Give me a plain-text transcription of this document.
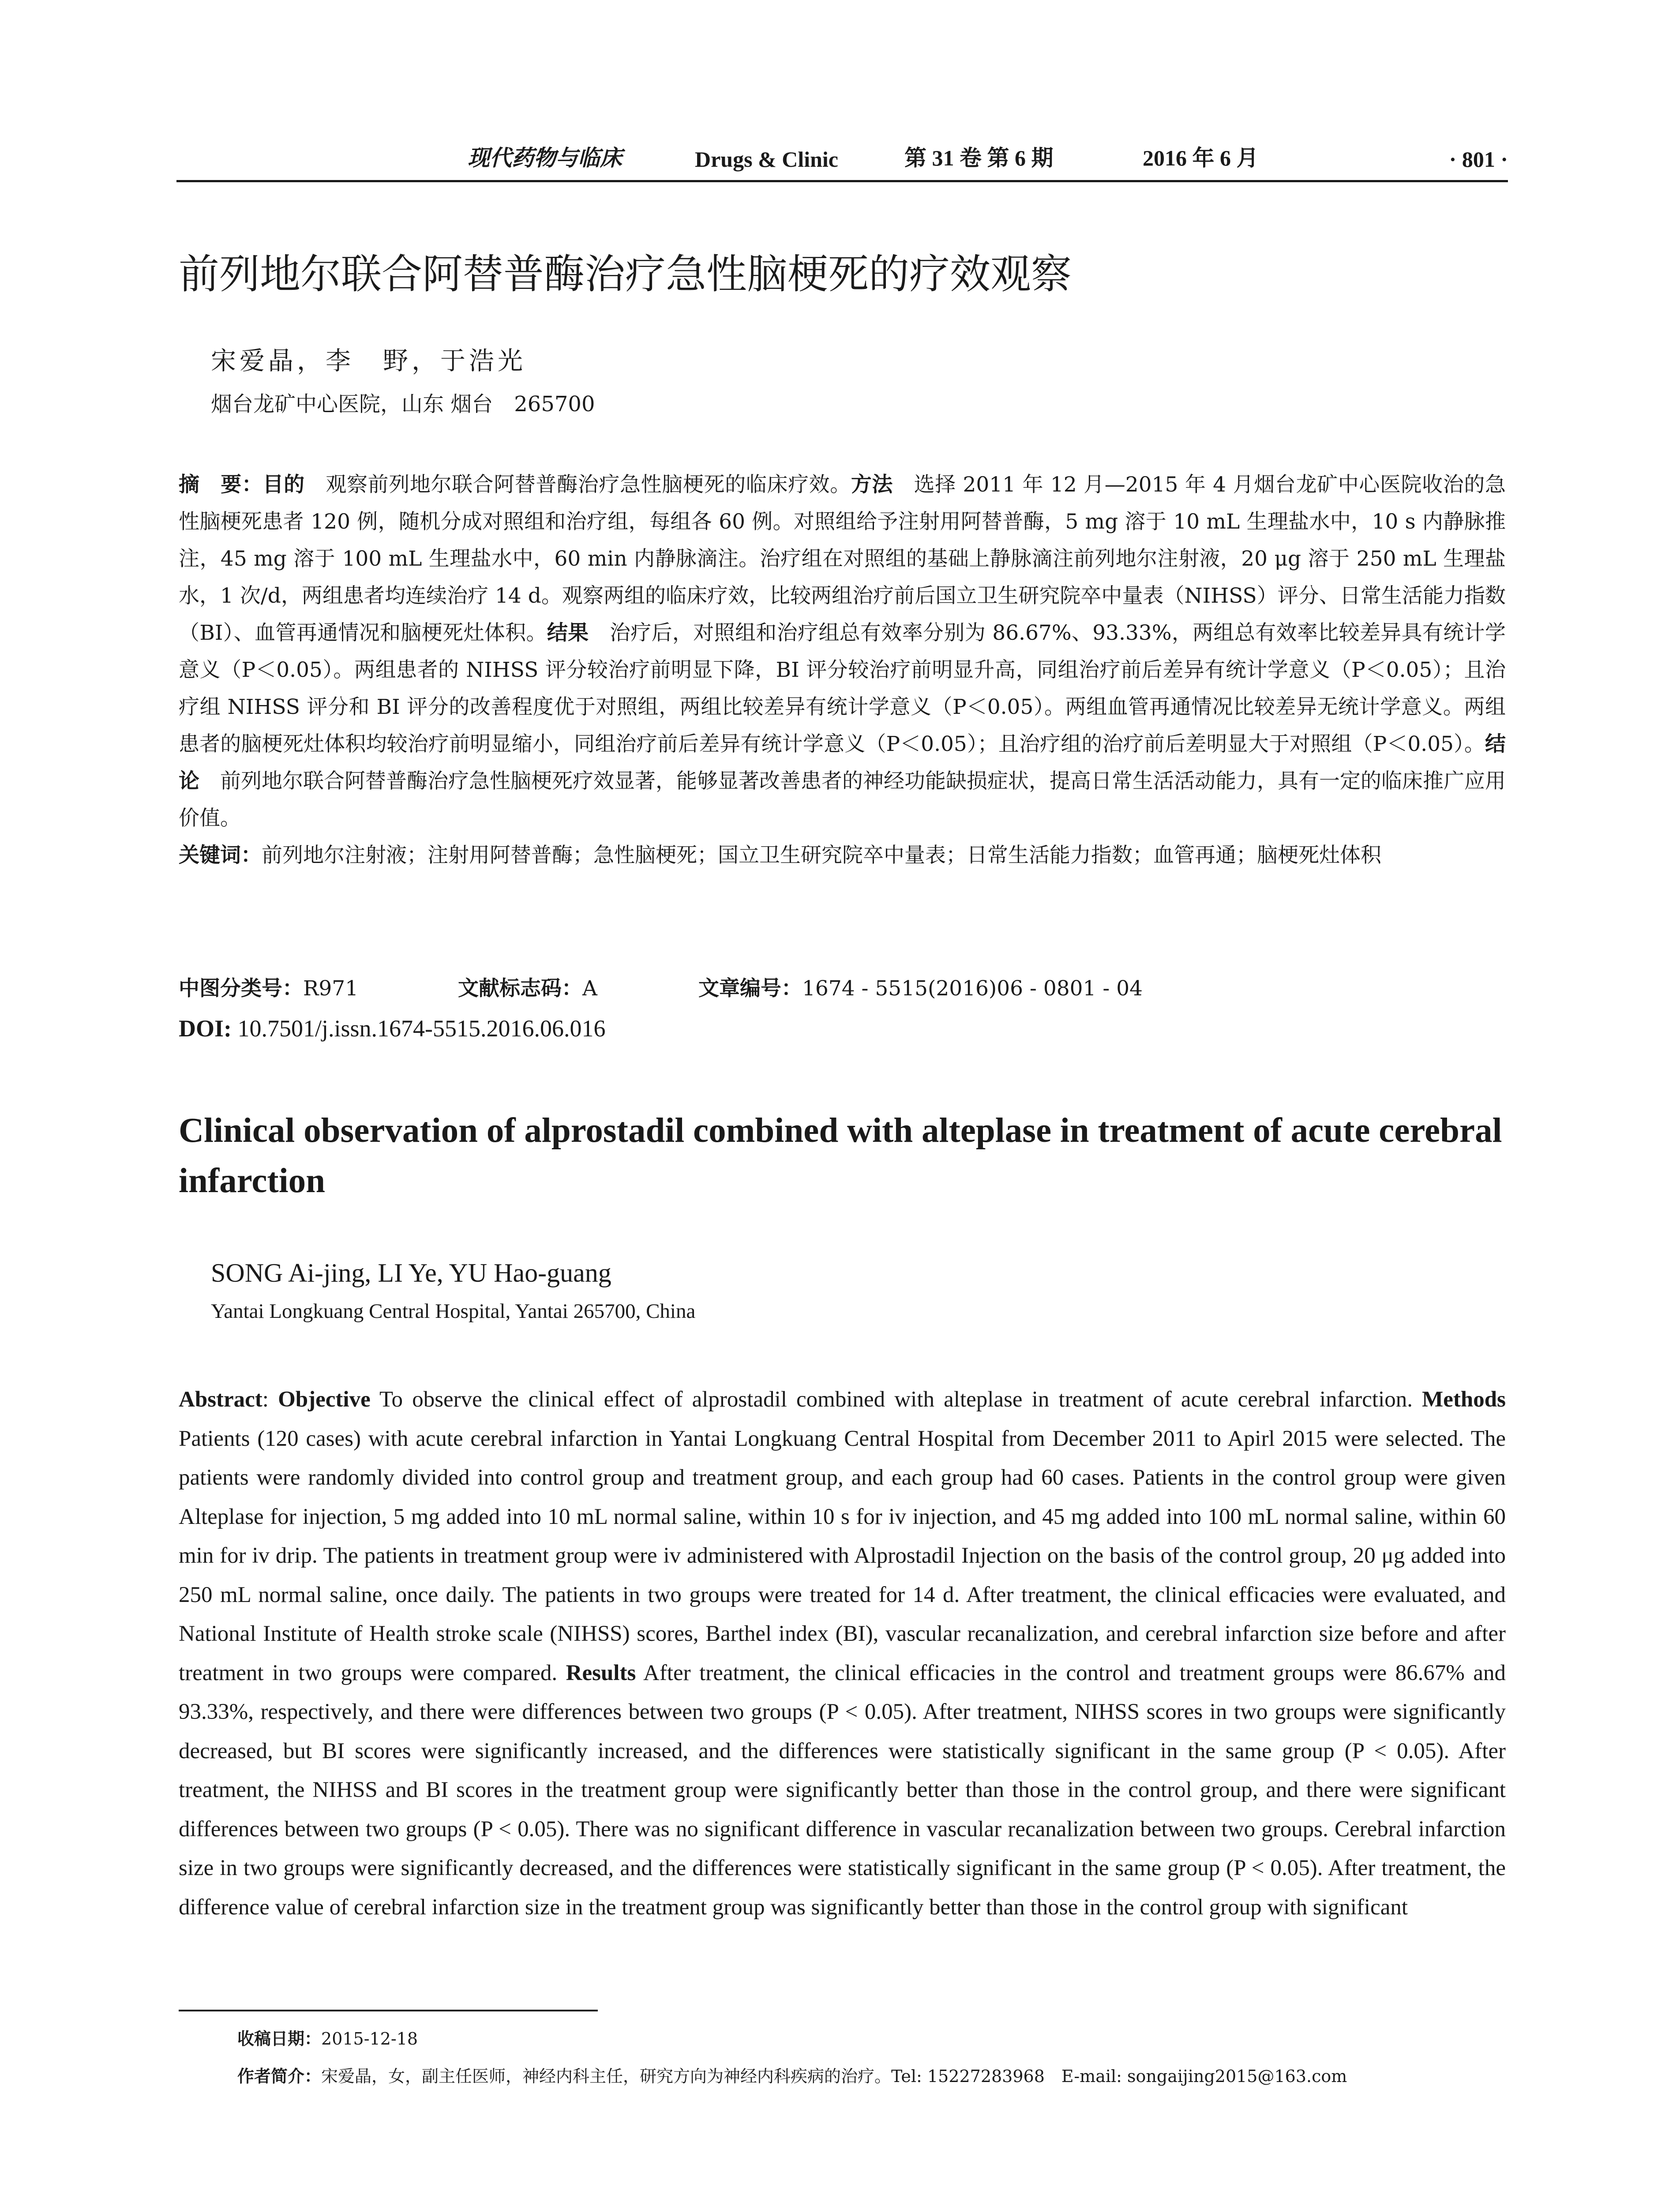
现代药物与临床	Drugs & Clinic	第 31 卷 第 6 期	2016 年 6 月	· 801 ·
前列地尔联合阿替普酶治疗急性脑梗死的疗效观察
宋爱晶，李　野，于浩光
烟台龙矿中心医院，山东 烟台　265700

摘　要：目的　观察前列地尔联合阿替普酶治疗急性脑梗死的临床疗效。方法　选择 2011 年 12 月—2015 年 4 月烟台龙矿中心医院收治的急性脑梗死患者 120 例，随机分成对照组和治疗组，每组各 60 例。对照组给予注射用阿替普酶，5 mg 溶于 10 mL 生理盐水中，10 s 内静脉推注，45 mg 溶于 100 mL 生理盐水中，60 min 内静脉滴注。治疗组在对照组的基础上静脉滴注前列地尔注射液，20 μg 溶于 250 mL 生理盐水，1 次/d，两组患者均连续治疗 14 d。观察两组的临床疗效，比较两组治疗前后国立卫生研究院卒中量表（NIHSS）评分、日常生活能力指数（BI）、血管再通情况和脑梗死灶体积。结果　治疗后，对照组和治疗组总有效率分别为 86.67%、93.33%，两组总有效率比较差异具有统计学意义（P＜0.05）。两组患者的 NIHSS 评分较治疗前明显下降，BI 评分较治疗前明显升高，同组治疗前后差异有统计学意义（P＜0.05）；且治疗组 NIHSS 评分和 BI 评分的改善程度优于对照组，两组比较差异有统计学意义（P＜0.05）。两组血管再通情况比较差异无统计学意义。两组患者的脑梗死灶体积均较治疗前明显缩小，同组治疗前后差异有统计学意义（P＜0.05）；且治疗组的治疗前后差明显大于对照组（P＜0.05）。结论　前列地尔联合阿替普酶治疗急性脑梗死疗效显著，能够显著改善患者的神经功能缺损症状，提高日常生活活动能力，具有一定的临床推广应用价值。
关键词：前列地尔注射液；注射用阿替普酶；急性脑梗死；国立卫生研究院卒中量表；日常生活能力指数；血管再通；脑梗死灶体积

中图分类号：R971	文献标志码：A	文章编号：1674 - 5515(2016)06 - 0801 - 04
DOI: 10.7501/j.issn.1674-5515.2016.06.016
Clinical observation of alprostadil combined with alteplase in treatment of acute cerebral infarction
SONG Ai-jing, LI Ye, YU Hao-guang
Yantai Longkuang Central Hospital, Yantai 265700, China

Abstract: Objective To observe the clinical effect of alprostadil combined with alteplase in treatment of acute cerebral infarction. Methods Patients (120 cases) with acute cerebral infarction in Yantai Longkuang Central Hospital from December 2011 to Apirl 2015 were selected. The patients were randomly divided into control group and treatment group, and each group had 60 cases. Patients in the control group were given Alteplase for injection, 5 mg added into 10 mL normal saline, within 10 s for iv injection, and 45 mg added into 100 mL normal saline, within 60 min for iv drip. The patients in treatment group were iv administered with Alprostadil Injection on the basis of the control group, 20 μg added into 250 mL normal saline, once daily. The patients in two groups were treated for 14 d. After treatment, the clinical efficacies were evaluated, and National Institute of Health stroke scale (NIHSS) scores, Barthel index (BI), vascular recanalization, and cerebral infarction size before and after treatment in two groups were compared. Results After treatment, the clinical efficacies in the control and treatment groups were 86.67% and 93.33%, respectively, and there were differences between two groups (P < 0.05). After treatment, NIHSS scores in two groups were significantly decreased, but BI scores were significantly increased, and the differences were statistically significant in the same group (P < 0.05). After treatment, the NIHSS and BI scores in the treatment group were significantly better than those in the control group, and there were significant differences between two groups (P < 0.05). There was no significant difference in vascular recanalization between two groups. Cerebral infarction size in two groups were significantly decreased, and the differences were statistically significant in the same group (P < 0.05). After treatment, the difference value of cerebral infarction size in the treatment group was significantly better than those in the control group with significant

收稿日期：2015-12-18
作者简介：宋爱晶，女，副主任医师，神经内科主任，研究方向为神经内科疾病的治疗。Tel: 15227283968　E-mail: songaijing2015@163.com
